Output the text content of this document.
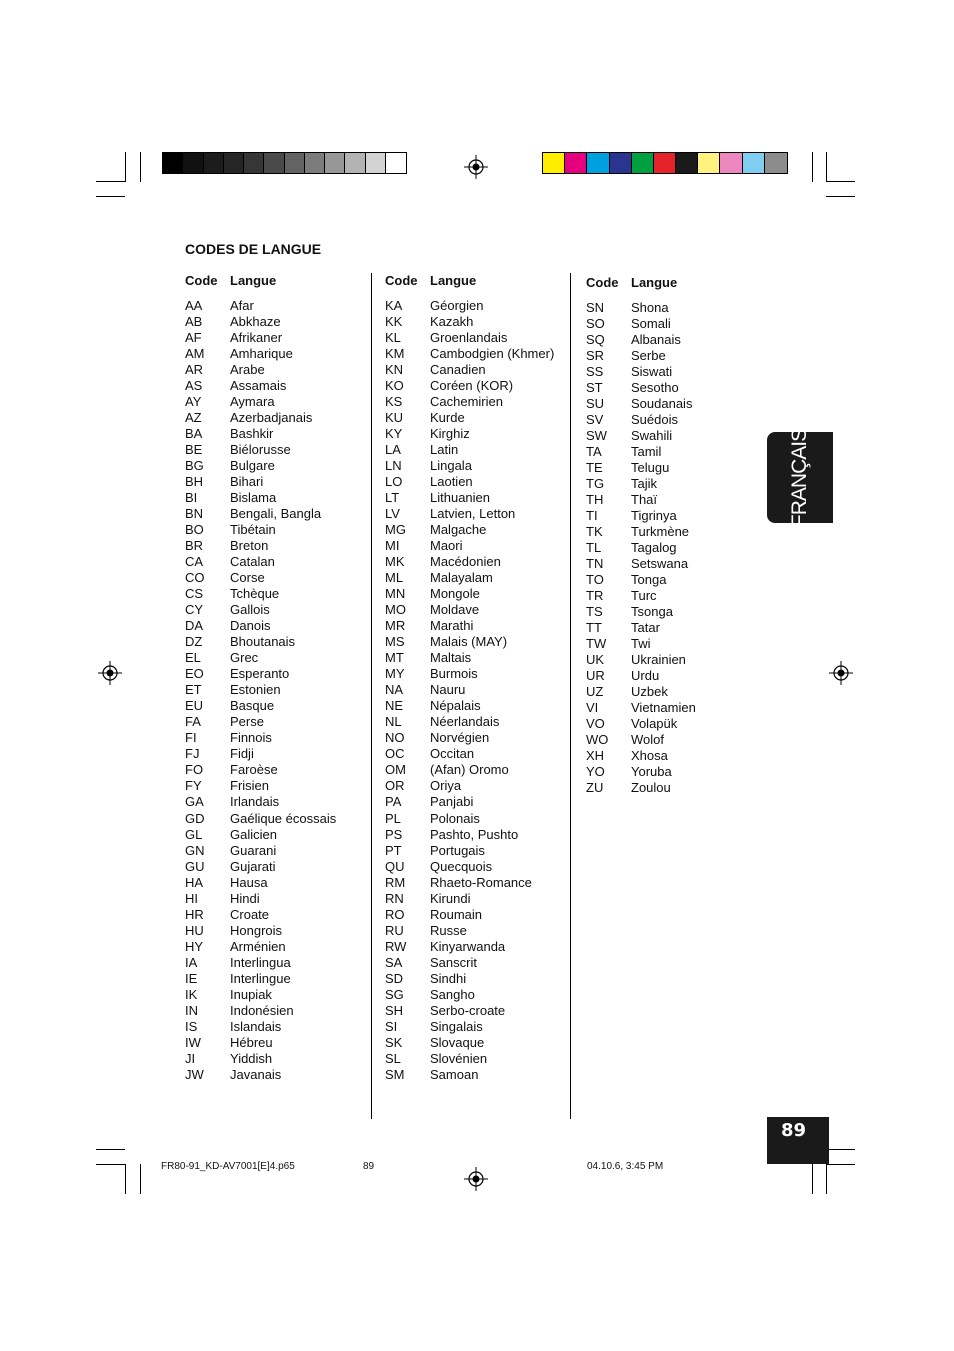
CODES DE LANGUE
Code Langue	Code Langue	Code Langue
AA Afar
AB Abkhaze
AF Afrikaner
AM Amharique
AR Arabe
AS Assamais
AY Aymara
AZ Azerbadjanais
BA Bashkir
BE Biélorusse
BG Bulgare
BH Bihari
BI	Bislama
BN Bengali, Bangla
BO Tibétain
BR Breton
CA Catalan
CO Corse
CS Tchèque
CY Gallois
DA Danois
DZ Bhoutanais
EL Grec
EO Esperanto
ET Estonien
EU Basque
FA Perse
FI	Finnois
FJ Fidji
FO Faroèse
FY Frisien
GA Irlandais
GD Gaélique écossais
GL Galicien
GN Guarani
GU Gujarati
HA Hausa
HI Hindi
HR Croate
HU Hongrois
HY Arménien
IA	Interlingua
IE	Interlingue
IK	Inupiak
IN Indonésien
IS	Islandais
IW Hébreu
JI	Yiddish
JW Javanais
KA Géorgien
KK Kazakh
KL Groenlandais
KM Cambodgien (Khmer)
KN Canadien
KO Coréen (KOR)
KS Cachemirien
KU Kurde
KY Kirghiz
LA Latin
LN Lingala
LO Laotien
LT Lithuanien
LV Latvien, Letton
MG Malgache
MI Maori
MK Macédonien
ML Malayalam
MN Mongole
MO Moldave
MR Marathi
MS Malais (MAY)
MT Maltais
MY Burmois
NA Nauru
NE Népalais
NL Néerlandais
NO Norvégien
OC Occitan
OM (Afan) Oromo
OR Oriya
PA Panjabi
PL Polonais
PS Pashto, Pushto
PT Portugais
QU Quecquois
RM Rhaeto-Romance
RN Kirundi
RO Roumain
RU Russe
RW Kinyarwanda
SA Sanscrit
SD Sindhi
SG Sangho
SH Serbo-croate
SI	Singalais
SK Slovaque
SL Slovénien
SM Samoan
SN Shona
SO Somali
SQ Albanais
SR Serbe
SS Siswati
ST Sesotho
SU Soudanais
SV Suédois
SW Swahili
TA Tamil
TE Telugu
TG Tajik
TH Thaï
TI	Tigrinya
TK Turkmène
TL Tagalog
TN Setswana
TO Tonga
TR Turc
TS Tsonga
TT Tatar
TW Twi
UK Ukrainien
UR Urdu
UZ Uzbek
VI	Vietnamien
VO Volapük
WO Wolof
XH Xhosa
YO Yoruba
ZU Zoulou
FRANÇAIS
89
FR80-91_KD-AV7001[E]4.p65	89	04.10.6, 3:45 PM
